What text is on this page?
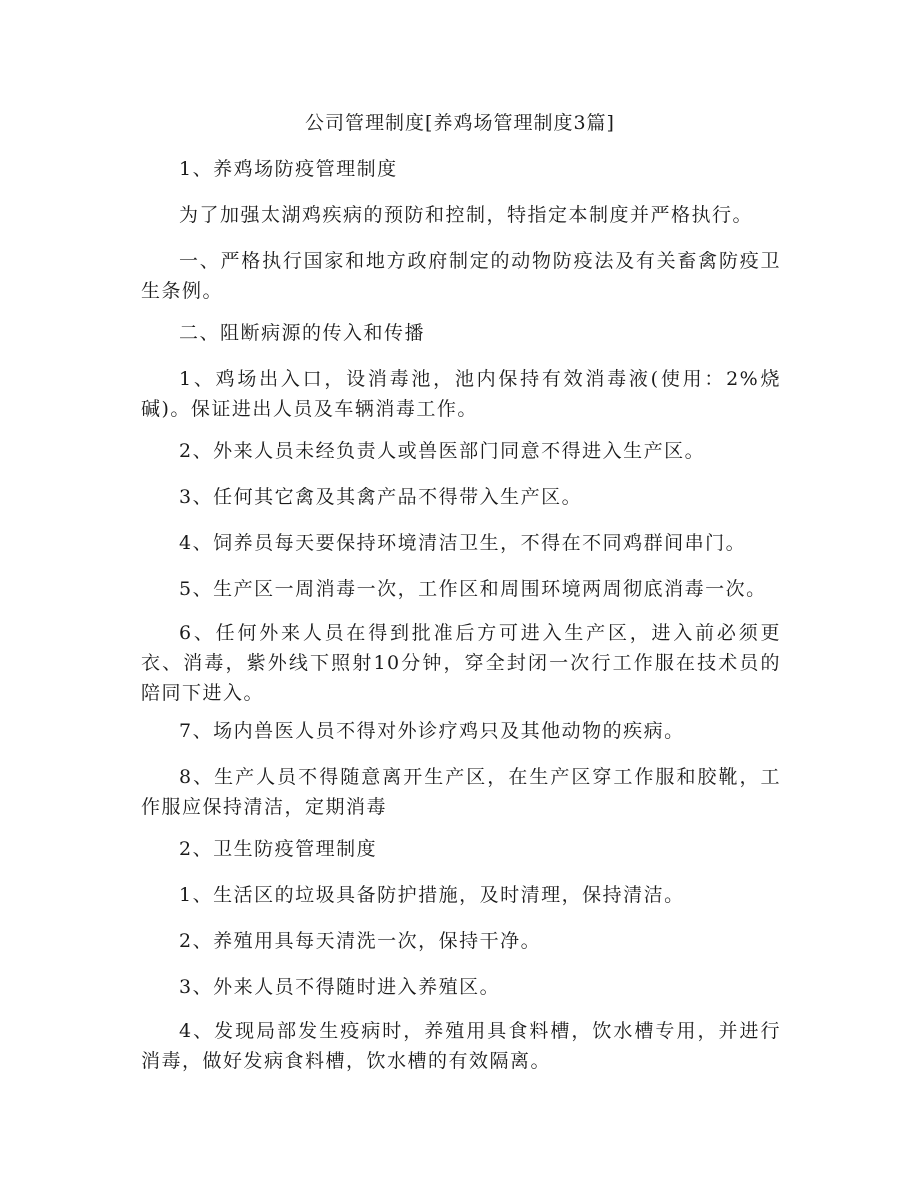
公司管理制度[养鸡场管理制度3篇]

1、养鸡场防疫管理制度

为了加强太湖鸡疾病的预防和控制，特指定本制度并严格执行。

一、严格执行国家和地方政府制定的动物防疫法及有关畜禽防疫卫生条例。

二、阻断病源的传入和传播

1、鸡场出入口，设消毒池，池内保持有效消毒液(使用：2%烧碱)。保证进出人员及车辆消毒工作。

2、外来人员未经负责人或兽医部门同意不得进入生产区。

3、任何其它禽及其禽产品不得带入生产区。

4、饲养员每天要保持环境清洁卫生，不得在不同鸡群间串门。

5、生产区一周消毒一次，工作区和周围环境两周彻底消毒一次。

6、任何外来人员在得到批准后方可进入生产区，进入前必须更衣、消毒，紫外线下照射10分钟，穿全封闭一次行工作服在技术员的陪同下进入。

7、场内兽医人员不得对外诊疗鸡只及其他动物的疾病。

8、生产人员不得随意离开生产区，在生产区穿工作服和胶靴，工作服应保持清洁，定期消毒

2、卫生防疫管理制度

1、生活区的垃圾具备防护措施，及时清理，保持清洁。

2、养殖用具每天清洗一次，保持干净。

3、外来人员不得随时进入养殖区。

4、发现局部发生疫病时，养殖用具食料槽，饮水槽专用，并进行消毒，做好发病食料槽，饮水槽的有效隔离。
